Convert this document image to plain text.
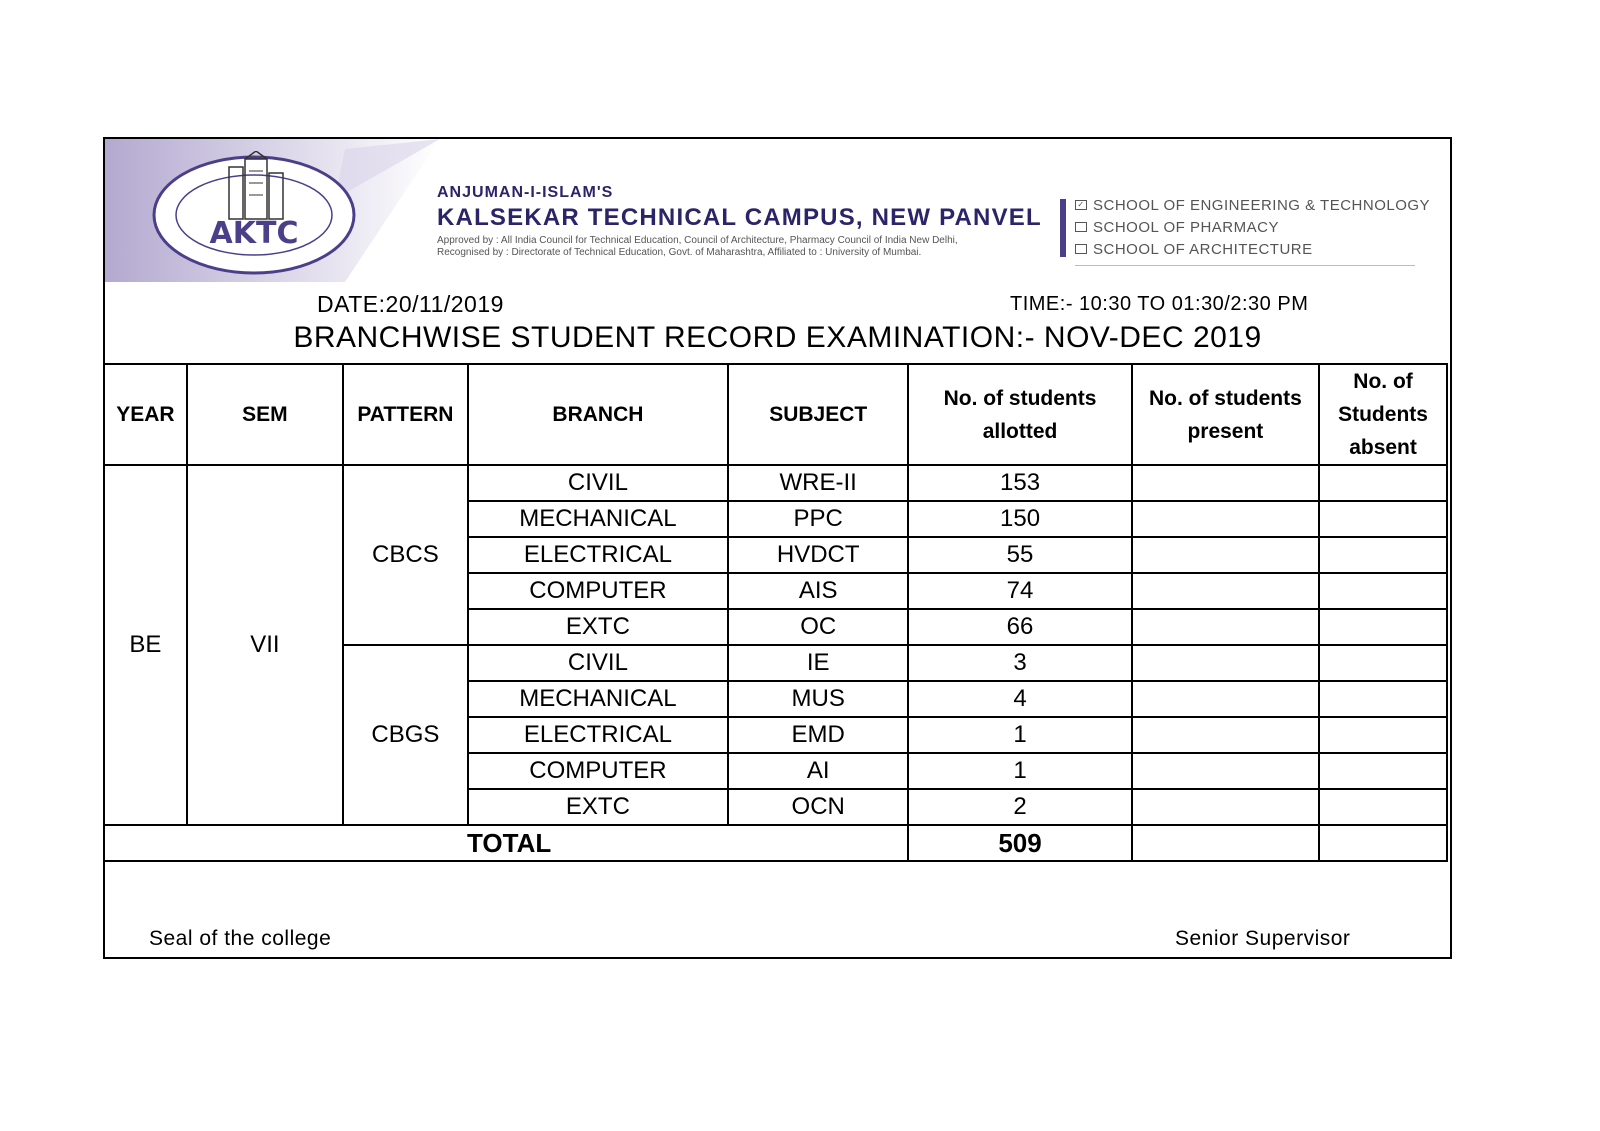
AKTC
ANJUMAN-I-ISLAM'S
KALSEKAR TECHNICAL CAMPUS, NEW PANVEL
Approved by : All India Council for Technical Education, Council of Architecture, Pharmacy Council of India New Delhi,
Recognised by : Directorate of Technical Education, Govt. of Maharashtra, Affiliated to : University of Mumbai.
✓ SCHOOL OF ENGINEERING & TECHNOLOGY
SCHOOL OF PHARMACY
SCHOOL OF ARCHITECTURE
DATE:20/11/2019	TIME:- 10:30 TO 01:30/2:30 PM
BRANCHWISE STUDENT RECORD EXAMINATION:- NOV-DEC 2019
YEAR	SEM	PATTERN	BRANCH	SUBJECT	No. of students allotted	No. of students present	No. of Students absent
BE	VII	CBCS	CIVIL	WRE-II	153		
			MECHANICAL	PPC	150		
			ELECTRICAL	HVDCT	55		
			COMPUTER	AIS	74		
			EXTC	OC	66		
		CBGS	CIVIL	IE	3		
			MECHANICAL	MUS	4		
			ELECTRICAL	EMD	1		
			COMPUTER	AI	1		
			EXTC	OCN	2		
TOTAL					509		
Seal of the college	Senior Supervisor
